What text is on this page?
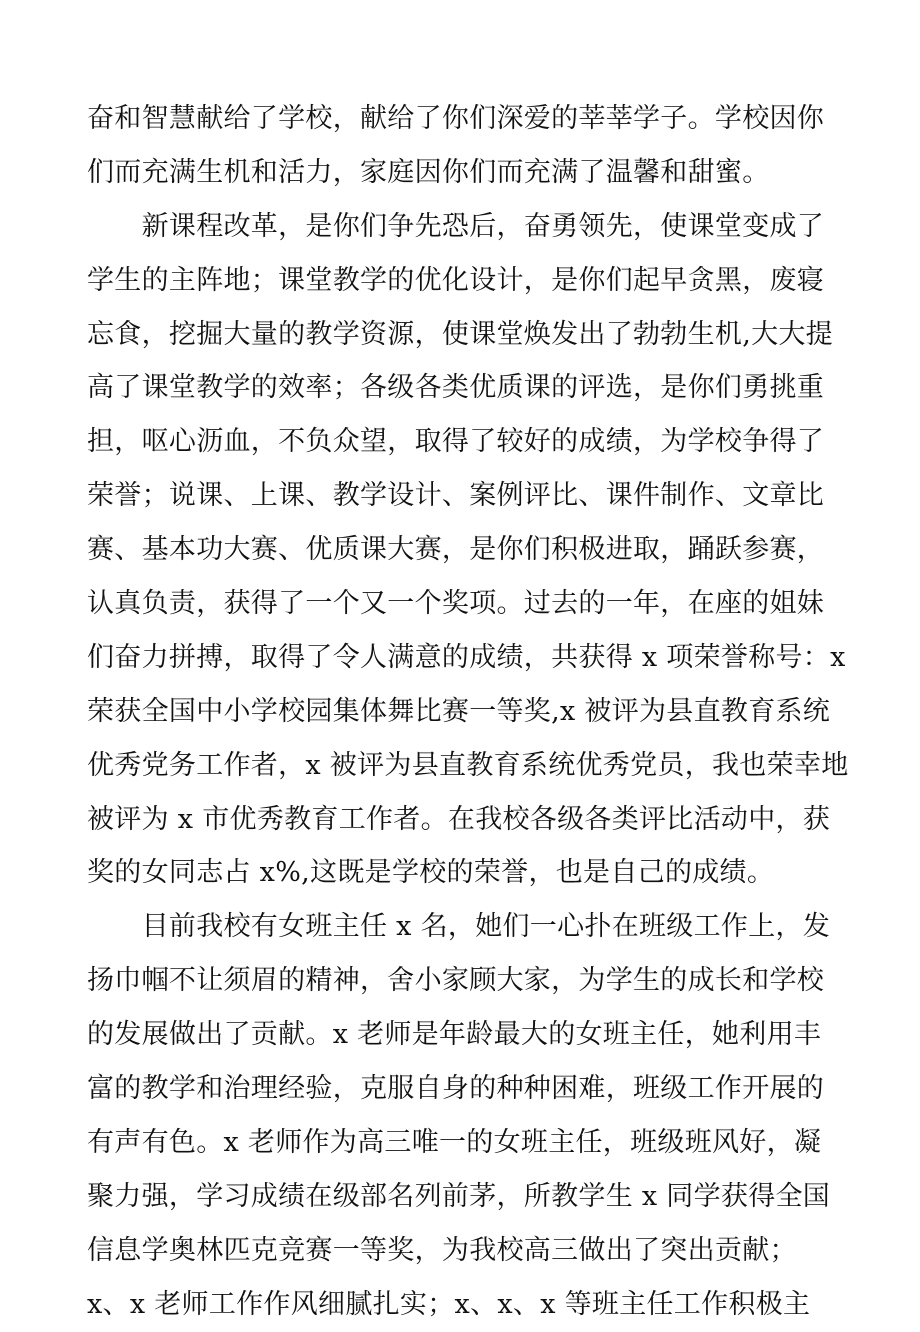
奋和智慧献给了学校，献给了你们深爱的莘莘学子。学校因你
们而充满生机和活力，家庭因你们而充满了温馨和甜蜜。
　　新课程改革，是你们争先恐后，奋勇领先，使课堂变成了
学生的主阵地；课堂教学的优化设计，是你们起早贪黑，废寝
忘食，挖掘大量的教学资源，使课堂焕发出了勃勃生机,大大提
高了课堂教学的效率；各级各类优质课的评选，是你们勇挑重
担，呕心沥血，不负众望，取得了较好的成绩，为学校争得了
荣誉；说课、上课、教学设计、案例评比、课件制作、文章比
赛、基本功大赛、优质课大赛，是你们积极进取，踊跃参赛，
认真负责，获得了一个又一个奖项。过去的一年，在座的姐妹
们奋力拼搏，取得了令人满意的成绩，共获得 x 项荣誉称号：x
荣获全国中小学校园集体舞比赛一等奖,x 被评为县直教育系统
优秀党务工作者，x 被评为县直教育系统优秀党员，我也荣幸地
被评为 x 市优秀教育工作者。在我校各级各类评比活动中，获
奖的女同志占 x%,这既是学校的荣誉，也是自己的成绩。
　　目前我校有女班主任 x 名，她们一心扑在班级工作上，发
扬巾帼不让须眉的精神，舍小家顾大家，为学生的成长和学校
的发展做出了贡献。x 老师是年龄最大的女班主任，她利用丰
富的教学和治理经验，克服自身的种种困难，班级工作开展的
有声有色。x 老师作为高三唯一的女班主任，班级班风好，凝
聚力强，学习成绩在级部名列前茅，所教学生 x 同学获得全国
信息学奥林匹克竞赛一等奖，为我校高三做出了突出贡献；
x、x 老师工作作风细腻扎实；x、x、x 等班主任工作积极主
